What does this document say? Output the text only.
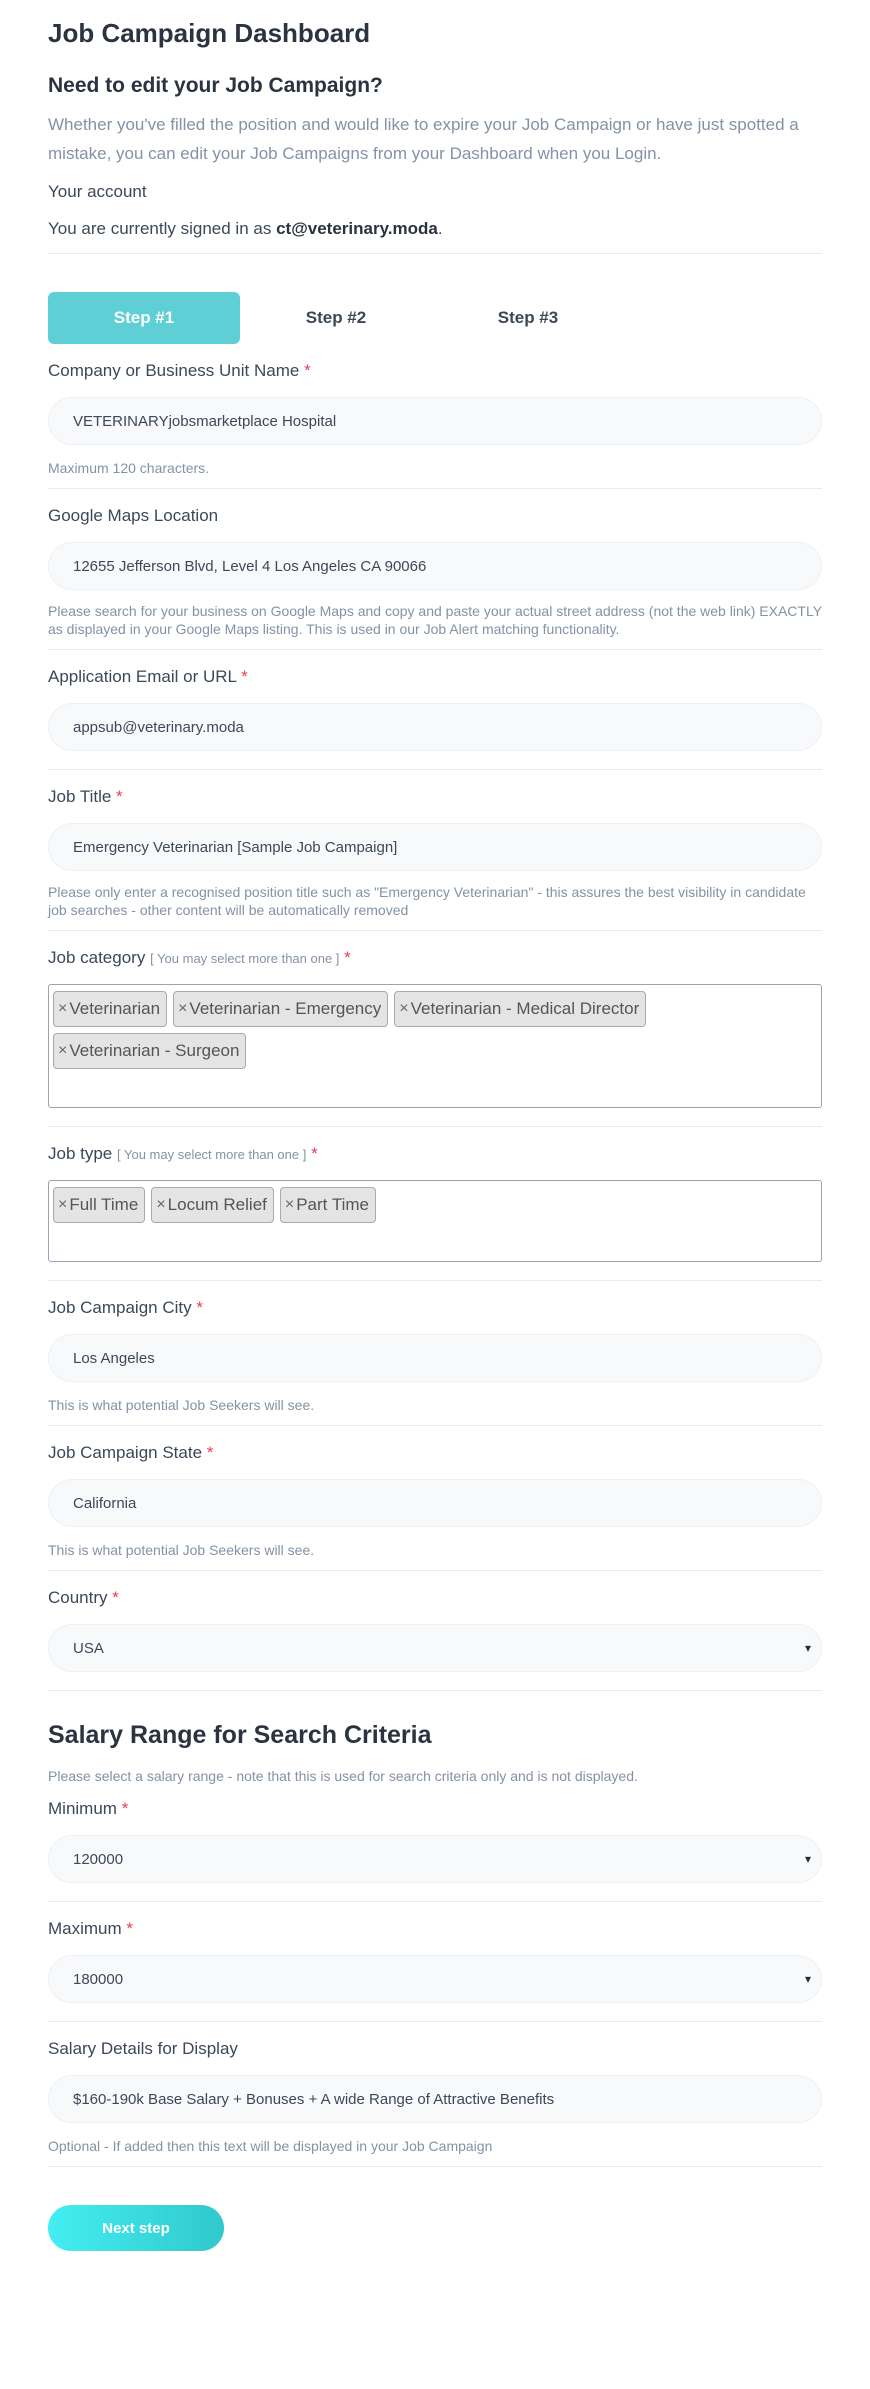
Job Campaign Dashboard
Need to edit your Job Campaign?
Whether you've filled the position and would like to expire your Job Campaign or have just spotted a mistake, you can edit your Job Campaigns from your Dashboard when you Login.
Your account
You are currently signed in as ct@veterinary.moda.
Step #1	Step #2	Step #3
Company or Business Unit Name *
VETERINARYjobsmarketplace Hospital
Maximum 120 characters.
Google Maps Location
12655 Jefferson Blvd, Level 4 Los Angeles CA 90066
Please search for your business on Google Maps and copy and paste your actual street address (not the web link) EXACTLY as displayed in your Google Maps listing. This is used in our Job Alert matching functionality.
Application Email or URL *
appsub@veterinary.moda
Job Title *
Emergency Veterinarian [Sample Job Campaign]
Please only enter a recognised position title such as "Emergency Veterinarian" - this assures the best visibility in candidate job searches - other content will be automatically removed
Job category [ You may select more than one ] *
× Veterinarian × Veterinarian - Emergency × Veterinarian - Medical Director
× Veterinarian - Surgeon
Job type [ You may select more than one ] *
× Full Time × Locum Relief × Part Time
Job Campaign City *
Los Angeles
This is what potential Job Seekers will see.
Job Campaign State *
California
This is what potential Job Seekers will see.
Country *
USA	▾
Salary Range for Search Criteria
Please select a salary range - note that this is used for search criteria only and is not displayed.
Minimum *
120000	▾
Maximum *
180000	▾
Salary Details for Display
$160-190k Base Salary + Bonuses + A wide Range of Attractive Benefits
Optional - If added then this text will be displayed in your Job Campaign
Next step
